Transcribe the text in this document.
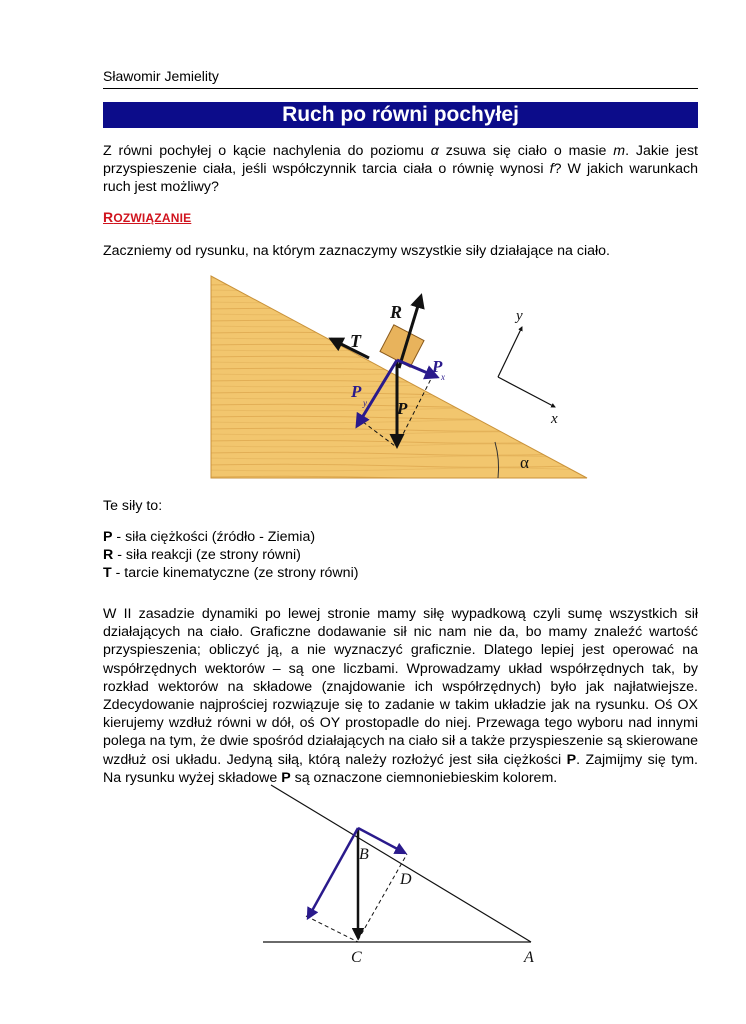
Sławomir Jemielity
Ruch po równi pochyłej
Z równi pochyłej o kącie nachylenia do poziomu α zsuwa się ciało o masie m. Jakie jest przyspieszenie ciała, jeśli współczynnik tarcia ciała o równię wynosi f? W jakich warunkach ruch jest możliwy?
ROZWIĄZANIE
Zaczniemy od rysunku, na którym zaznaczymy wszystkie siły działające na ciało.
R
T
P
P
x
P
y
y
x
α
Te siły to:
P - siła ciężkości (źródło - Ziemia)
R - siła reakcji (ze strony równi)
T - tarcie kinematyczne (ze strony równi)
W II zasadzie dynamiki po lewej stronie mamy siłę wypadkową czyli sumę wszystkich sił działających na ciało. Graficzne dodawanie sił nic nam nie da, bo mamy znaleźć wartość przyspieszenia; obliczyć ją, a nie wyznaczyć graficznie. Dlatego lepiej jest operować na współrzędnych wektorów – są one liczbami. Wprowadzamy układ współrzędnych tak, by rozkład wektorów na składowe (znajdowanie ich współrzędnych) było jak najłatwiejsze. Zdecydowanie najprościej rozwiązuje się to zadanie w takim układzie jak na rysunku. Oś OX kierujemy wzdłuż równi w dół, oś OY prostopadle do niej. Przewaga tego wyboru nad innymi polega na tym, że dwie spośród działających na ciało sił a także przyspieszenie są skierowane wzdłuż osi układu. Jedyną siłą, którą należy rozłożyć jest siła ciężkości P. Zajmijmy się tym. Na rysunku wyżej składowe P są oznaczone ciemnoniebieskim kolorem.
B
D
C	A
